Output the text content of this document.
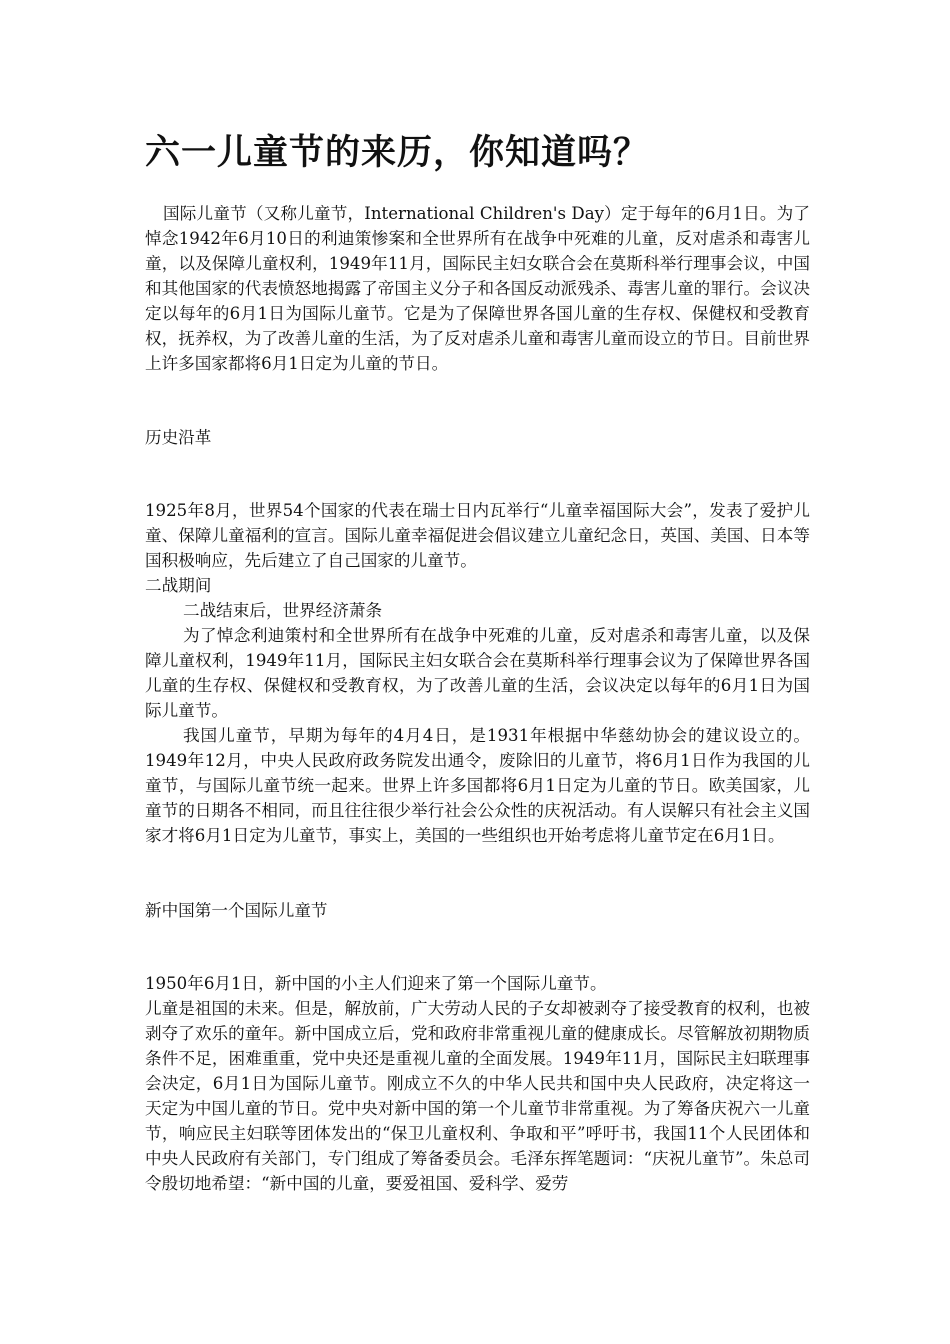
六一儿童节的来历，你知道吗？

国际儿童节（又称儿童节，International Children's Day）定于每年的6月1日。为了悼念1942年6月10日的利迪策惨案和全世界所有在战争中死难的儿童，反对虐杀和毒害儿童，以及保障儿童权利，1949年11月，国际民主妇女联合会在莫斯科举行理事会议，中国和其他国家的代表愤怒地揭露了帝国主义分子和各国反动派残杀、毒害儿童的罪行。会议决定以每年的6月1日为国际儿童节。它是为了保障世界各国儿童的生存权、保健权和受教育权，抚养权，为了改善儿童的生活，为了反对虐杀儿童和毒害儿童而设立的节日。目前世界上许多国家都将6月1日定为儿童的节日。

历史沿革

1925年8月，世界54个国家的代表在瑞士日内瓦举行“儿童幸福国际大会”，发表了爱护儿童、保障儿童福利的宣言。国际儿童幸福促进会倡议建立儿童纪念日，英国、美国、日本等国积极响应，先后建立了自己国家的儿童节。

二战期间

二战结束后，世界经济萧条

为了悼念利迪策村和全世界所有在战争中死难的儿童，反对虐杀和毒害儿童，以及保障儿童权利，1949年11月，国际民主妇女联合会在莫斯科举行理事会议为了保障世界各国儿童的生存权、保健权和受教育权，为了改善儿童的生活，会议决定以每年的6月1日为国际儿童节。

我国儿童节，早期为每年的4月4日，是1931年根据中华慈幼协会的建议设立的。1949年12月，中央人民政府政务院发出通令，废除旧的儿童节，将6月1日作为我国的儿童节，与国际儿童节统一起来。世界上许多国都将6月1日定为儿童的节日。欧美国家，儿童节的日期各不相同，而且往往很少举行社会公众性的庆祝活动。有人误解只有社会主义国家才将6月1日定为儿童节，事实上，美国的一些组织也开始考虑将儿童节定在6月1日。

新中国第一个国际儿童节

1950年6月1日，新中国的小主人们迎来了第一个国际儿童节。

儿童是祖国的未来。但是，解放前，广大劳动人民的子女却被剥夺了接受教育的权利，也被剥夺了欢乐的童年。新中国成立后，党和政府非常重视儿童的健康成长。尽管解放初期物质条件不足，困难重重，党中央还是重视儿童的全面发展。1949年11月，国际民主妇联理事会决定，6月1日为国际儿童节。刚成立不久的中华人民共和国中央人民政府，决定将这一天定为中国儿童的节日。党中央对新中国的第一个儿童节非常重视。为了筹备庆祝六一儿童节，响应民主妇联等团体发出的“保卫儿童权利、争取和平”呼吁书，我国11个人民团体和中央人民政府有关部门，专门组成了筹备委员会。毛泽东挥笔题词：“庆祝儿童节”。朱总司令殷切地希望：“新中国的儿童，要爱祖国、爱科学、爱劳
